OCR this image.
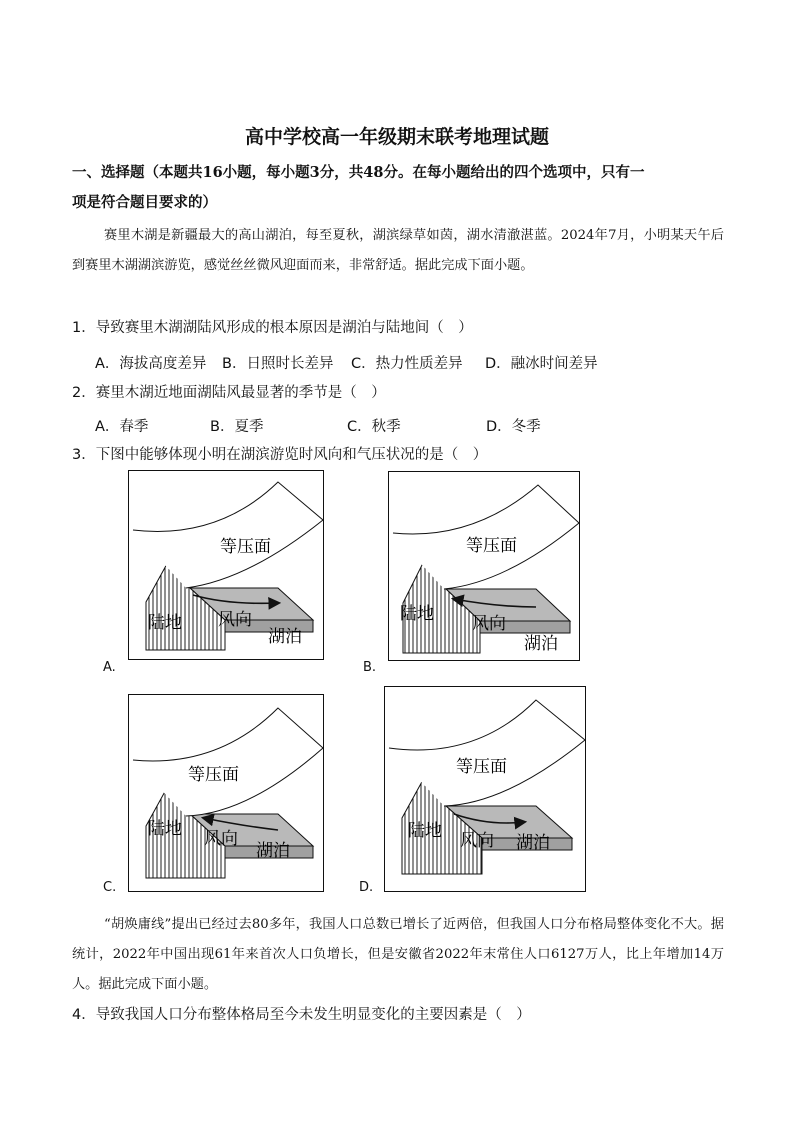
高中学校高一年级期末联考地理试题
一、选择题（本题共16小题，每小题3分，共48分。在每小题给出的四个选项中，只有一
项是符合题目要求的）
赛里木湖是新疆最大的高山湖泊，每至夏秋，湖滨绿草如茵，湖水清澈湛蓝。2024年7月，小明某天午后到赛里木湖湖滨游览，感觉丝丝微风迎面而来，非常舒适。据此完成下面小题。
1．导致赛里木湖湖陆风形成的根本原因是湖泊与陆地间（　）
A．海拔高度差异 B．日照时长差异 C．热力性质差异 D．融冰时间差异
2．赛里木湖近地面湖陆风最显著的季节是（　）
A．春季	B．夏季	C．秋季	D．冬季
3．下图中能够体现小明在湖滨游览时风向和气压状况的是（　）
等压面
陆地 风向
湖泊
A.
等压面
陆地 风向
湖泊
B.
等压面
陆地 风向
湖泊
C.
等压面
陆地 风向 湖泊
D.
“胡焕庸线”提出已经过去80多年，我国人口总数已增长了近两倍，但我国人口分布格局整体变化不大。据统计，2022年中国出现61年来首次人口负增长，但是安徽省2022年末常住人口6127万人，比上年增加14万人。据此完成下面小题。
4．导致我国人口分布整体格局至今未发生明显变化的主要因素是（　）
